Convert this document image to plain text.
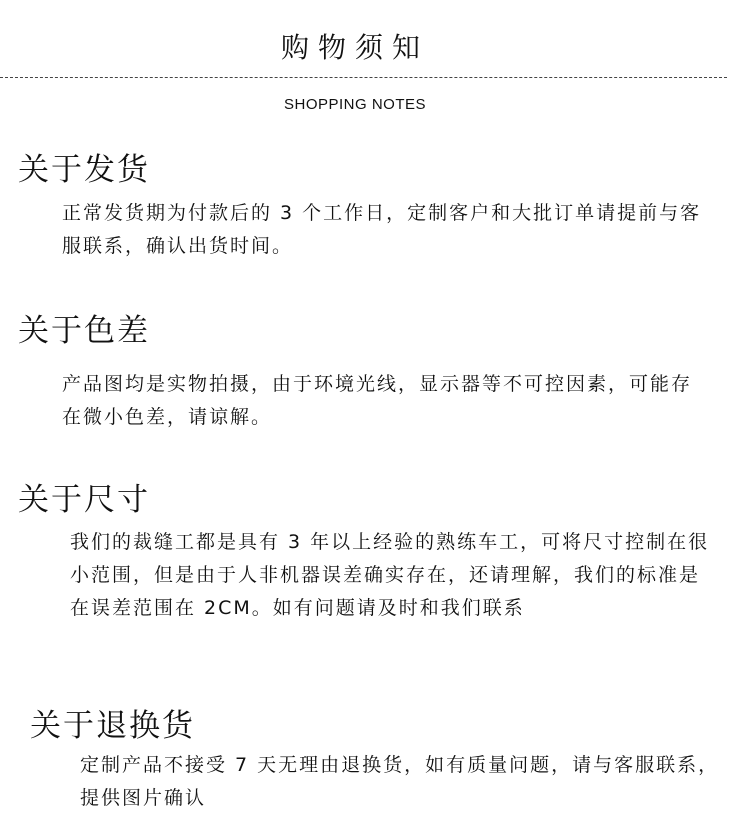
购物须知
SHOPPING NOTES
关于发货
正常发货期为付款后的 3 个工作日，定制客户和大批订单请提前与客服联系，确认出货时间。
关于色差
产品图均是实物拍摄，由于环境光线，显示器等不可控因素，可能存在微小色差，请谅解。
关于尺寸
我们的裁缝工都是具有 3 年以上经验的熟练车工，可将尺寸控制在很小范围，但是由于人非机器误差确实存在，还请理解，我们的标准是在误差范围在 2CM。如有问题请及时和我们联系
关于退换货
定制产品不接受 7 天无理由退换货，如有质量问题，请与客服联系，提供图片确认
